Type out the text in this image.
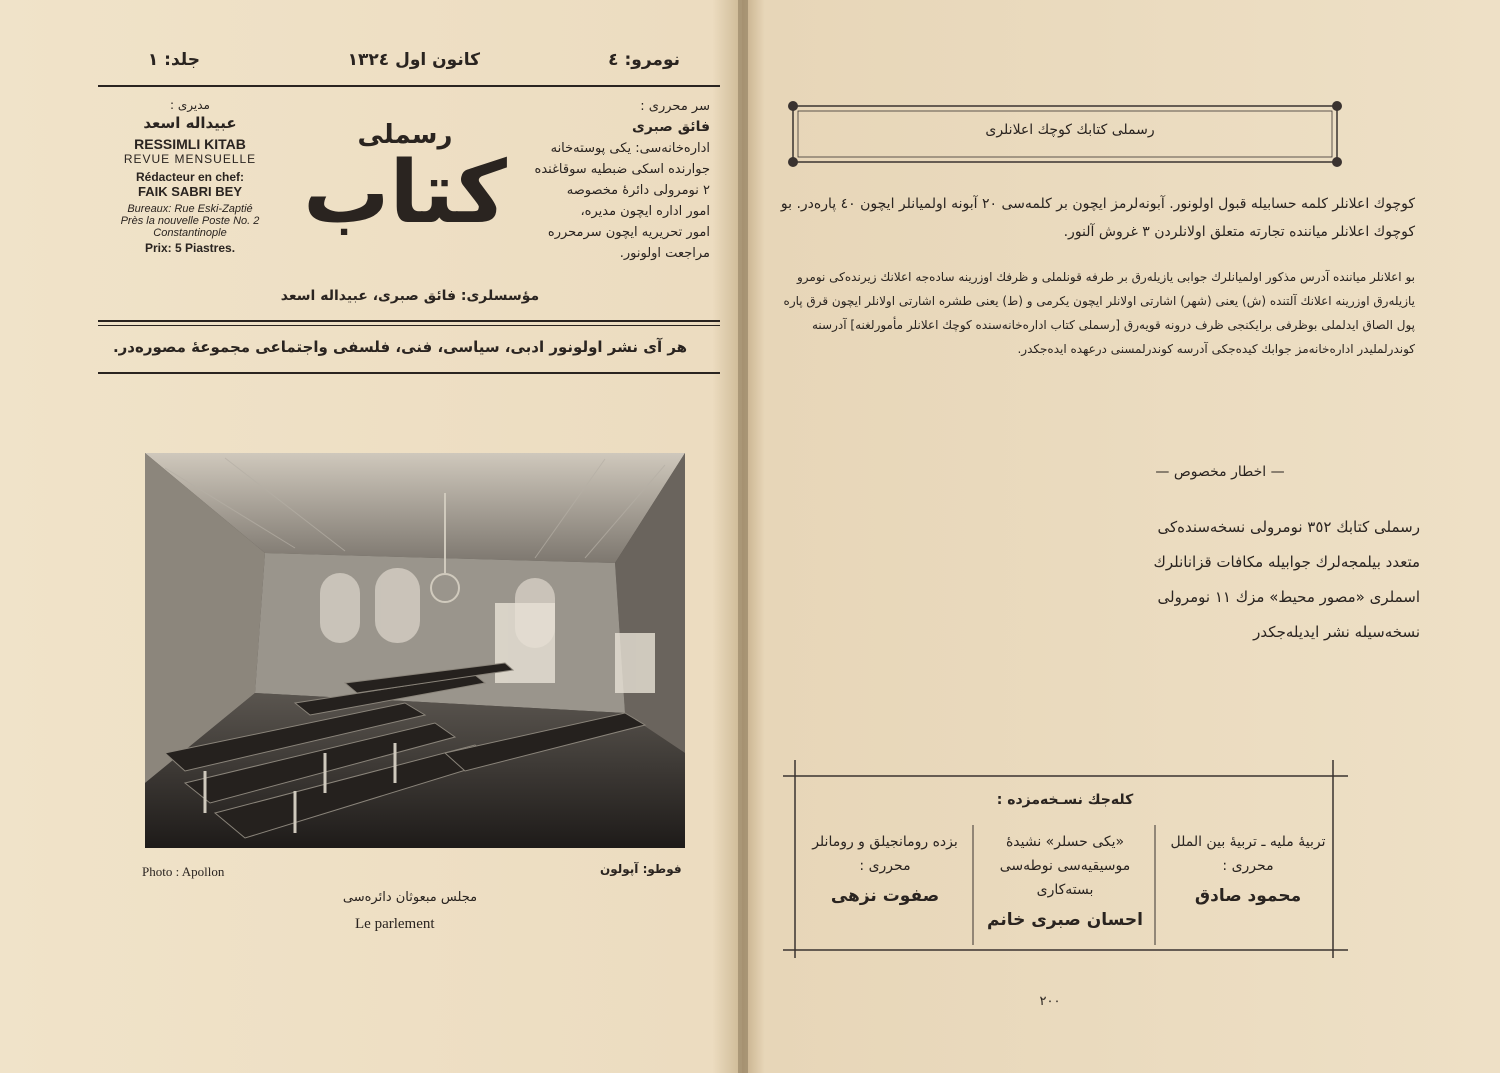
نومرو: ٤
كانون اول ١٣٢٤
جلد: ١
مديری :
عبيداله اسعد
RESSIMLI KITAB
REVUE MENSUELLE
Rédacteur en chef:
FAIK SABRI BEY
Bureaux: Rue Eski-Zaptié
Près la nouvelle Poste No. 2
Constantinople
Prix: 5 Piastres.
رسملی
كتاب
سر محرری :
فائق صبری
ادارەخانەسی: يكی پوستەخانە
جوارندە اسكی ضبطيه سوقاغندە
٢ نومرولی دائرۀ مخصوصە
امور ادارە ايچون مديرە،
امور تحريريه ايچون سرمحررە
مراجعت اولونور.
مؤسسلری: فائق صبری، عبيداله اسعد
هر آی نشر اولونور ادبی، سياسی، فنی، فلسفی واجتماعی مجموعۀ مصورەدر.
Photo : Apollon	فوطو: آپولون
مجلس مبعوثان دائرەسی
Le parlement
رسملی كتابك كوچك اعلانلری
كوچوك اعلانلر كلمە حسابيله قبول اولونور. آبونەلرمز ايچون بر كلمەسی ٢٠ آبونە اولميانلر ايچون ٤٠ پارەدر. بو كوچوك اعلانلر ميانندە تجارتە متعلق اولانلردن ٣ غروش آلنور.
بو اعلانلر ميانندە آدرس مذكور اولميانلرك جوابی يازيلەرق بر طرفە قونلملی و ظرفك اوزرينە سادەجە اعلانك زيرندەكی نومرو يازيلەرق اوزرينە اعلانك آلتندە (ش) يعنی (شهر) اشارتی اولانلر ايچون يكرمی و (ط) يعنی طشرە اشارتی اولانلر ايچون قرق پارە پول الصاق ايدلملی بوظرفی برايكنجی ظرف درونە قويەرق [رسملی كتاب ادارەخانەسندە كوچك اعلانلر مأمورلغنە] آدرسنە كوندرلملیدر ادارەخانەمز جوابك كيدەجكی آدرسە كوندرلمسنی درعهدە ايدەجكدر.
— اخطار مخصوص —
رسملی كتابك ٣٥٢ نومرولی نسخەسندەكی
متعدد بيلمجەلرك جوابيله مكافات قزانانلرك
اسملری «مصور محيط» مزك ١١ نومرولی
نسخەسيلە نشر ايديلەجكدر
كلەجك نسـخەمزدە :
تربيۀ مليە ـ تربيۀ بين الملل
محرری :
محمود صادق
«يكی حسلر» نشيدۀ موسيقيەسی نوطەسی
بستەكاری
احسان صبری خانم
بزدە رومانجيلق و رومانلر
محرری :
صفوت نزهی
٢٠٠
